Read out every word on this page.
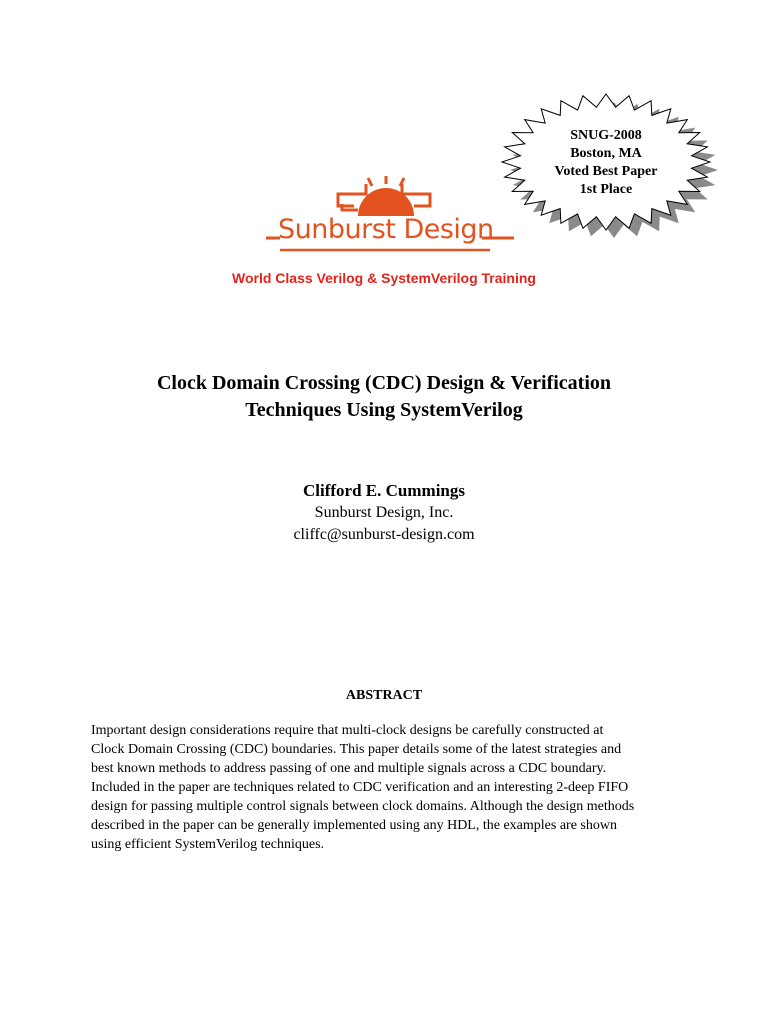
SNUG-2008
Boston, MA
Voted Best Paper
1st Place
Sunburst Design
World Class Verilog & SystemVerilog Training
Clock Domain Crossing (CDC) Design & Verification
Techniques Using SystemVerilog
Clifford E. Cummings
Sunburst Design, Inc.
cliffc@sunburst-design.com
ABSTRACT
Important design considerations require that multi-clock designs be carefully constructed at
Clock Domain Crossing (CDC) boundaries. This paper details some of the latest strategies and
best known methods to address passing of one and multiple signals across a CDC boundary.
Included in the paper are techniques related to CDC verification and an interesting 2-deep FIFO
design for passing multiple control signals between clock domains. Although the design methods
described in the paper can be generally implemented using any HDL, the examples are shown
using efficient SystemVerilog techniques.
